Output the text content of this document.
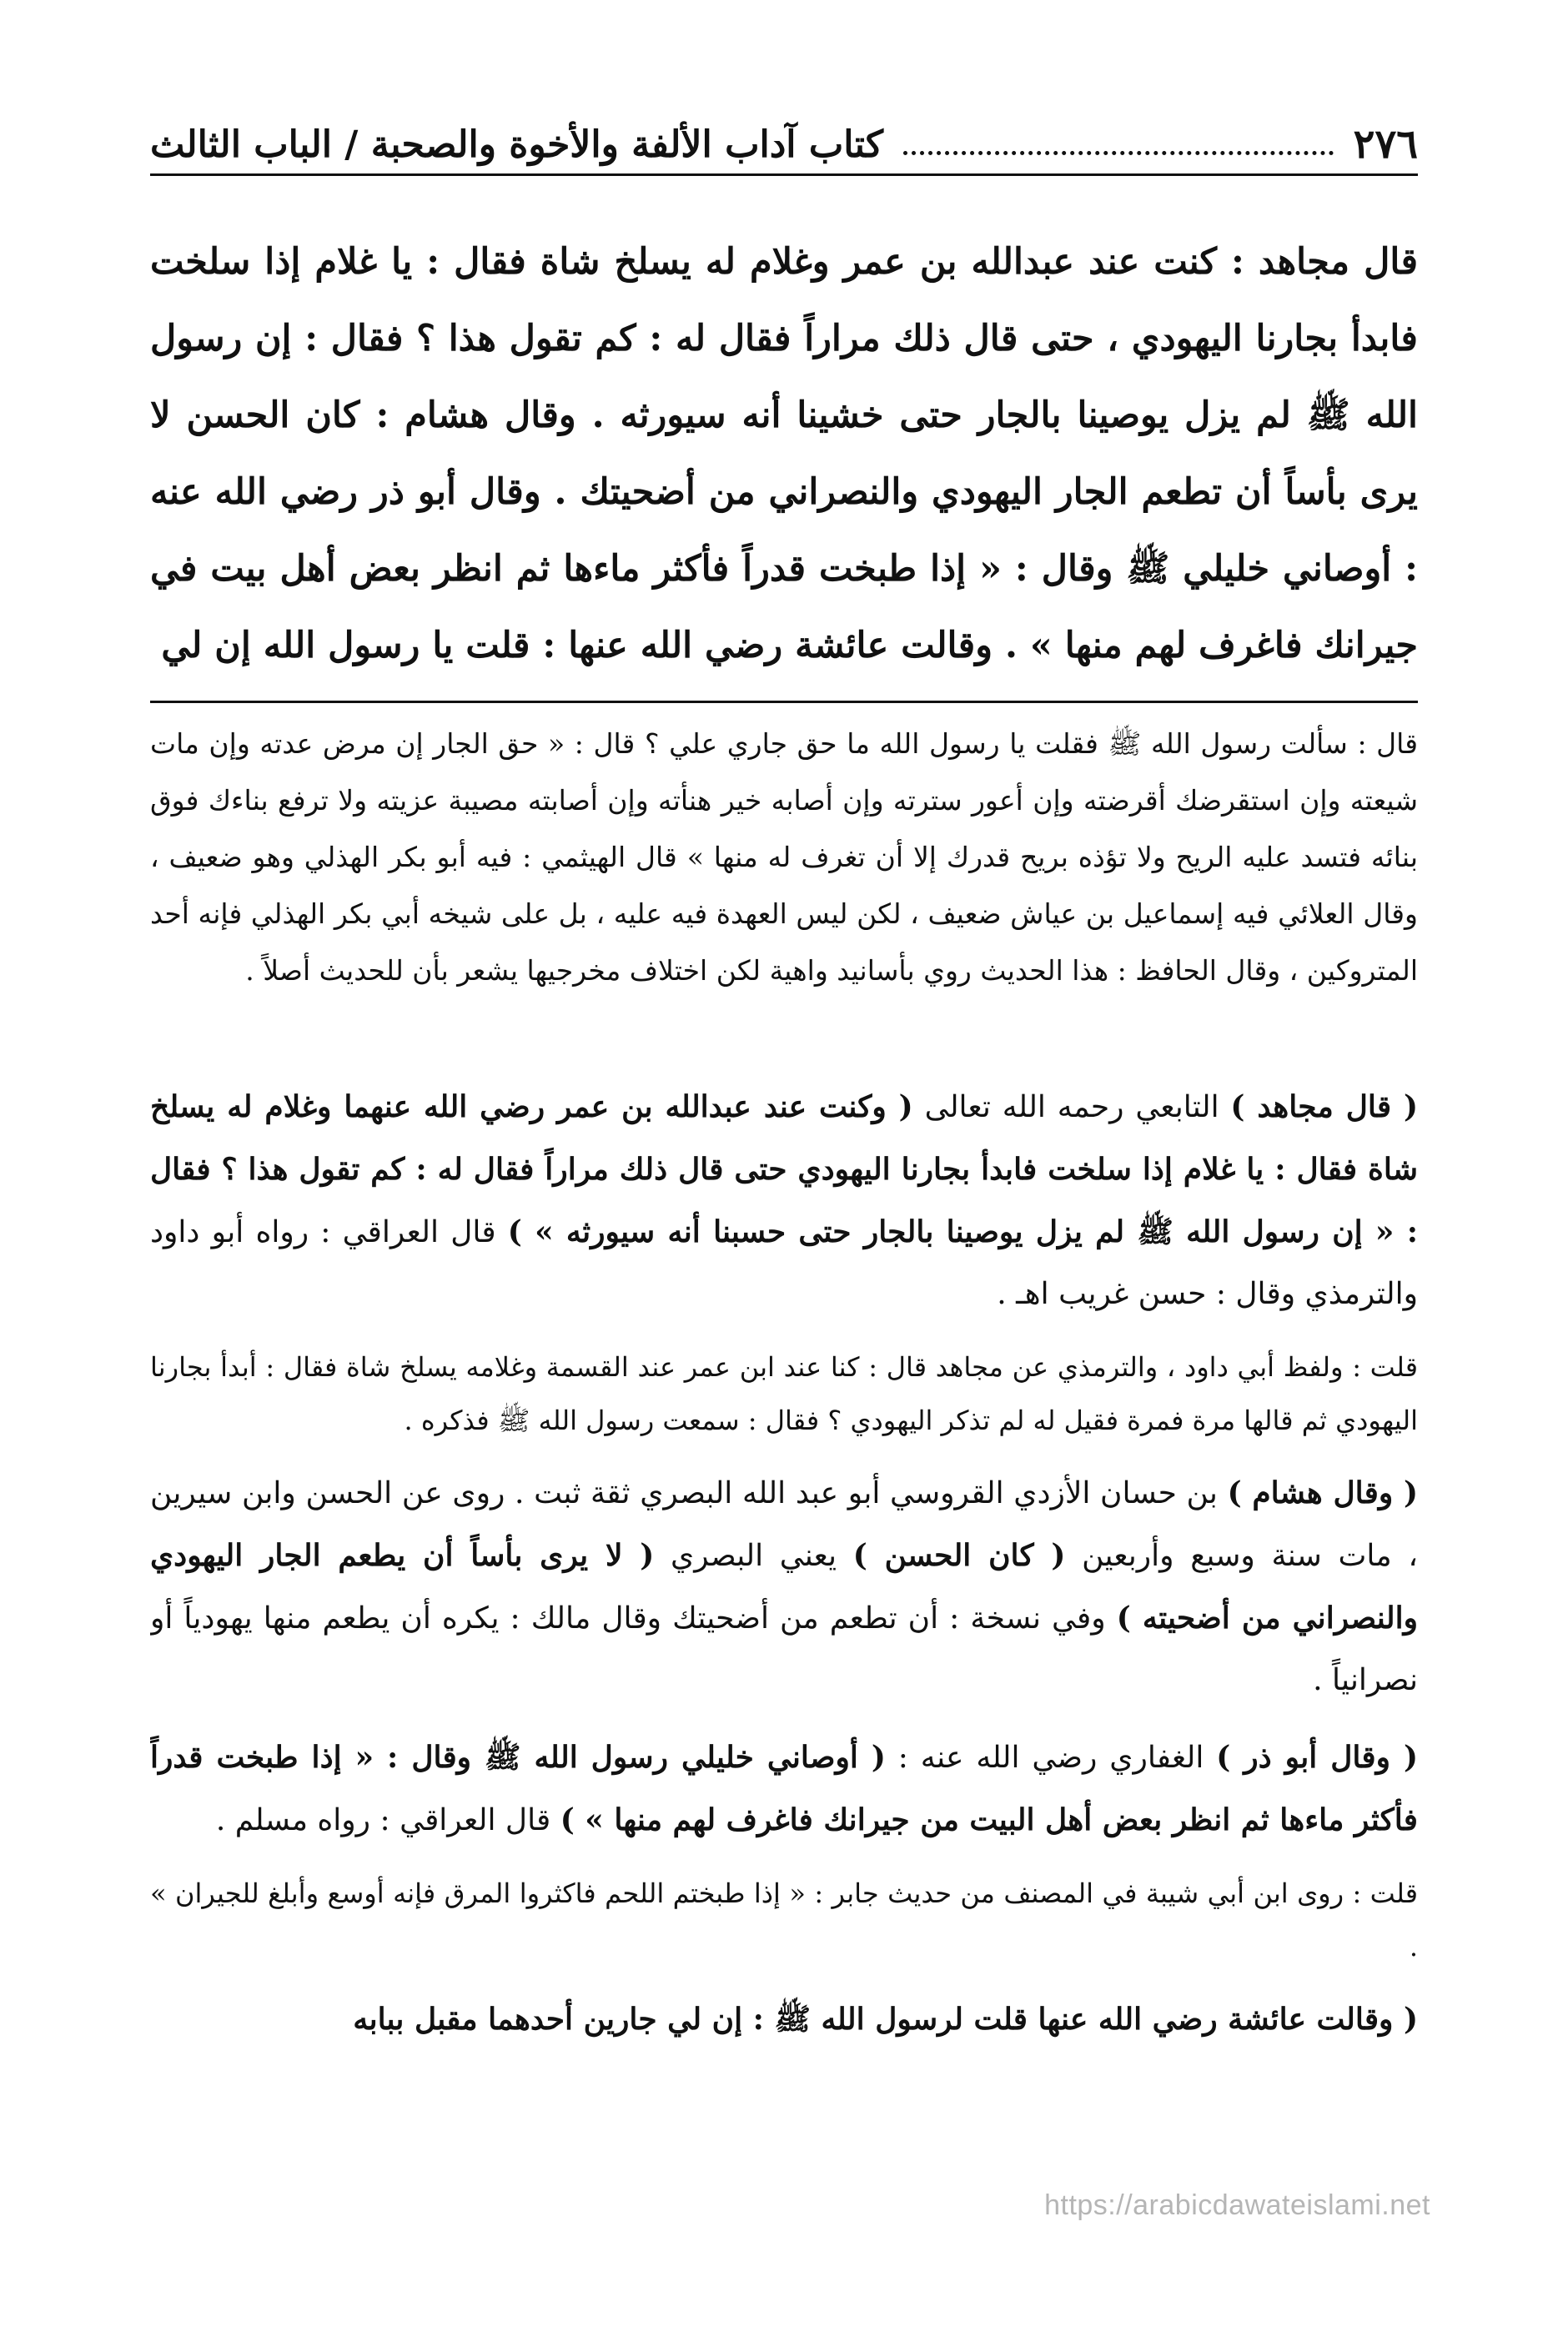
٢٧٦
كتاب آداب الألفة والأخوة والصحبة / الباب الثالث
قال مجاهد : كنت عند عبدالله بن عمر وغلام له يسلخ شاة فقال : يا غلام إذا سلخت فابدأ بجارنا اليهودي ، حتى قال ذلك مراراً فقال له : كم تقول هذا ؟ فقال : إن رسول الله ﷺ لم يزل يوصينا بالجار حتى خشينا أنه سيورثه . وقال هشام : كان الحسن لا يرى بأساً أن تطعم الجار اليهودي والنصراني من أضحيتك . وقال أبو ذر رضي الله عنه : أوصاني خليلي ﷺ وقال : « إذا طبخت قدراً فأكثر ماءها ثم انظر بعض أهل بيت في جيرانك فاغرف لهم منها » . وقالت عائشة رضي الله عنها : قلت يا رسول الله إن لي
قال : سألت رسول الله ﷺ فقلت يا رسول الله ما حق جاري علي ؟ قال : « حق الجار إن مرض عدته وإن مات شيعته وإن استقرضك أقرضته وإن أعور سترته وإن أصابه خير هنأته وإن أصابته مصيبة عزيته ولا ترفع بناءك فوق بنائه فتسد عليه الريح ولا تؤذه بريح قدرك إلا أن تغرف له منها » قال الهيثمي : فيه أبو بكر الهذلي وهو ضعيف ، وقال العلائي فيه إسماعيل بن عياش ضعيف ، لكن ليس العهدة فيه عليه ، بل على شيخه أبي بكر الهذلي فإنه أحد المتروكين ، وقال الحافظ : هذا الحديث روي بأسانيد واهية لكن اختلاف مخرجيها يشعر بأن للحديث أصلاً .

( قال مجاهد ) التابعي رحمه الله تعالى ( وكنت عند عبدالله بن عمر رضي الله عنهما وغلام له يسلخ شاة فقال : يا غلام إذا سلخت فابدأ بجارنا اليهودي حتى قال ذلك مراراً فقال له : كم تقول هذا ؟ فقال : « إن رسول الله ﷺ لم يزل يوصينا بالجار حتى حسبنا أنه سيورثه » ) قال العراقي : رواه أبو داود والترمذي وقال : حسن غريب اهـ .

قلت : ولفظ أبي داود ، والترمذي عن مجاهد قال : كنا عند ابن عمر عند القسمة وغلامه يسلخ شاة فقال : أبدأ بجارنا اليهودي ثم قالها مرة فمرة فقيل له لم تذكر اليهودي ؟ فقال : سمعت رسول الله ﷺ فذكره .

( وقال هشام ) بن حسان الأزدي القروسي أبو عبد الله البصري ثقة ثبت . روى عن الحسن وابن سيرين ، مات سنة وسبع وأربعين ( كان الحسن ) يعني البصري ( لا يرى بأساً أن يطعم الجار اليهودي والنصراني من أضحيته ) وفي نسخة : أن تطعم من أضحيتك وقال مالك : يكره أن يطعم منها يهودياً أو نصرانياً .

( وقال أبو ذر ) الغفاري رضي الله عنه : ( أوصاني خليلي رسول الله ﷺ وقال : « إذا طبخت قدراً فأكثر ماءها ثم انظر بعض أهل البيت من جيرانك فاغرف لهم منها » ) قال العراقي : رواه مسلم .

قلت : روى ابن أبي شيبة في المصنف من حديث جابر : « إذا طبختم اللحم فاكثروا المرق فإنه أوسع وأبلغ للجيران » .

( وقالت عائشة رضي الله عنها قلت لرسول الله ﷺ : إن لي جارين أحدهما مقبل ببابه

https://arabicdawateislami.net
